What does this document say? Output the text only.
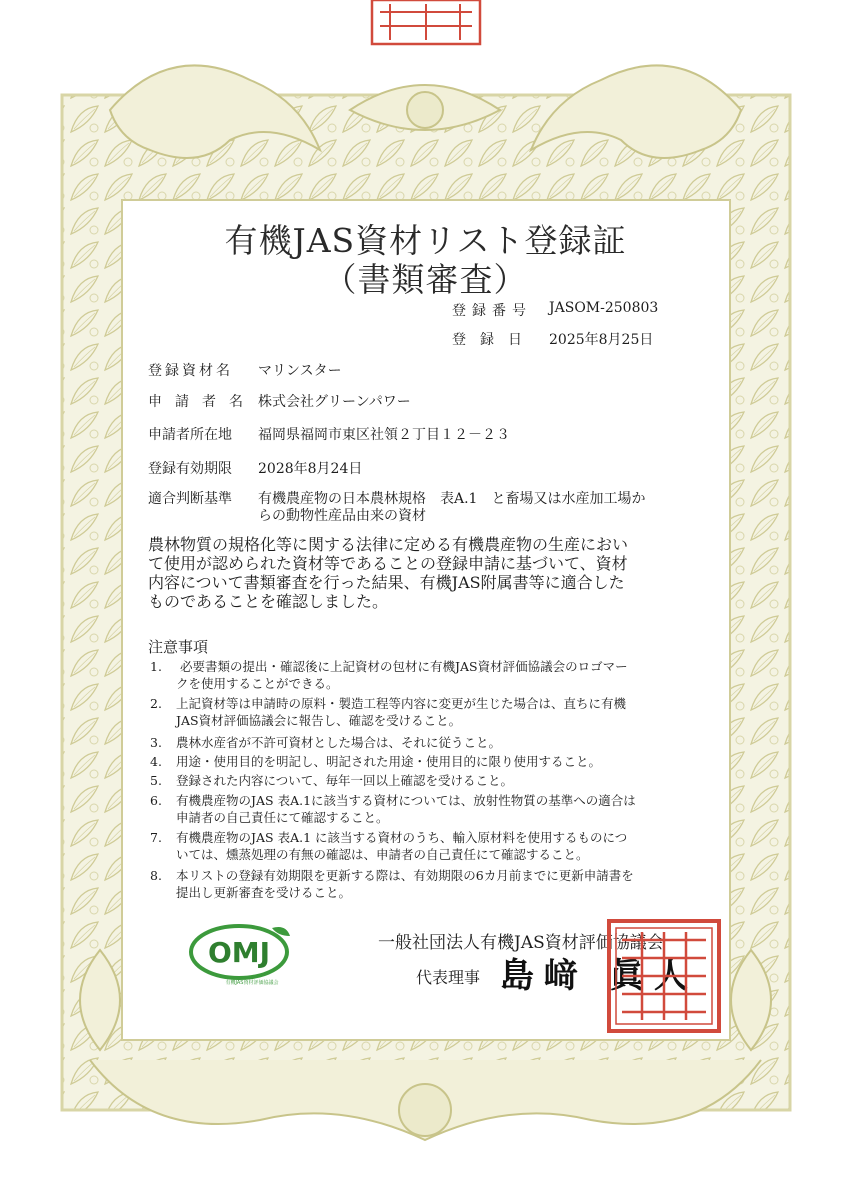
有機JAS資材リスト登録証
（書類審査）
登録番号 JASOM-250803
登録日 2025年8月25日
登録資材名 マリンスター
申請者名 株式会社グリーンパワー
申請者所在地 福岡県福岡市東区社領２丁目１２－２３
登録有効期限 2028年8月24日
適合判断基準 有機農産物の日本農林規格　表A.1　と畜場又は水産加工場か
らの動物性産品由来の資材
農林物質の規格化等に関する法律に定める有機農産物の生産におい
て使用が認められた資材等であることの登録申請に基づいて、資材
内容について書類審査を行った結果、有機JAS附属書等に適合した
ものであることを確認しました。
注意事項
1. 必要書類の提出・確認後に上記資材の包材に有機JAS資材評価協議会のロゴマー
クを使用することができる。
2. 上記資材等は申請時の原料・製造工程等内容に変更が生じた場合は、直ちに有機
JAS資材評価協議会に報告し、確認を受けること。
3. 農林水産省が不許可資材とした場合は、それに従うこと。
4. 用途・使用目的を明記し、明記された用途・使用目的に限り使用すること。
5. 登録された内容について、毎年一回以上確認を受けること。
6. 有機農産物のJAS 表A.1に該当する資材については、放射性物質の基準への適合は
申請者の自己責任にて確認すること。
7. 有機農産物のJAS 表A.1 に該当する資材のうち、輸入原材料を使用するものにつ
いては、燻蒸処理の有無の確認は、申請者の自己責任にて確認すること。
8. 本リストの登録有効期限を更新する際は、有効期限の6カ月前までに更新申請書を
提出し更新審査を受けること。
一般社団法人有機JAS資材評価協議会
代表理事 島﨑 眞人
OMJ
有機JAS資材評価協議会
